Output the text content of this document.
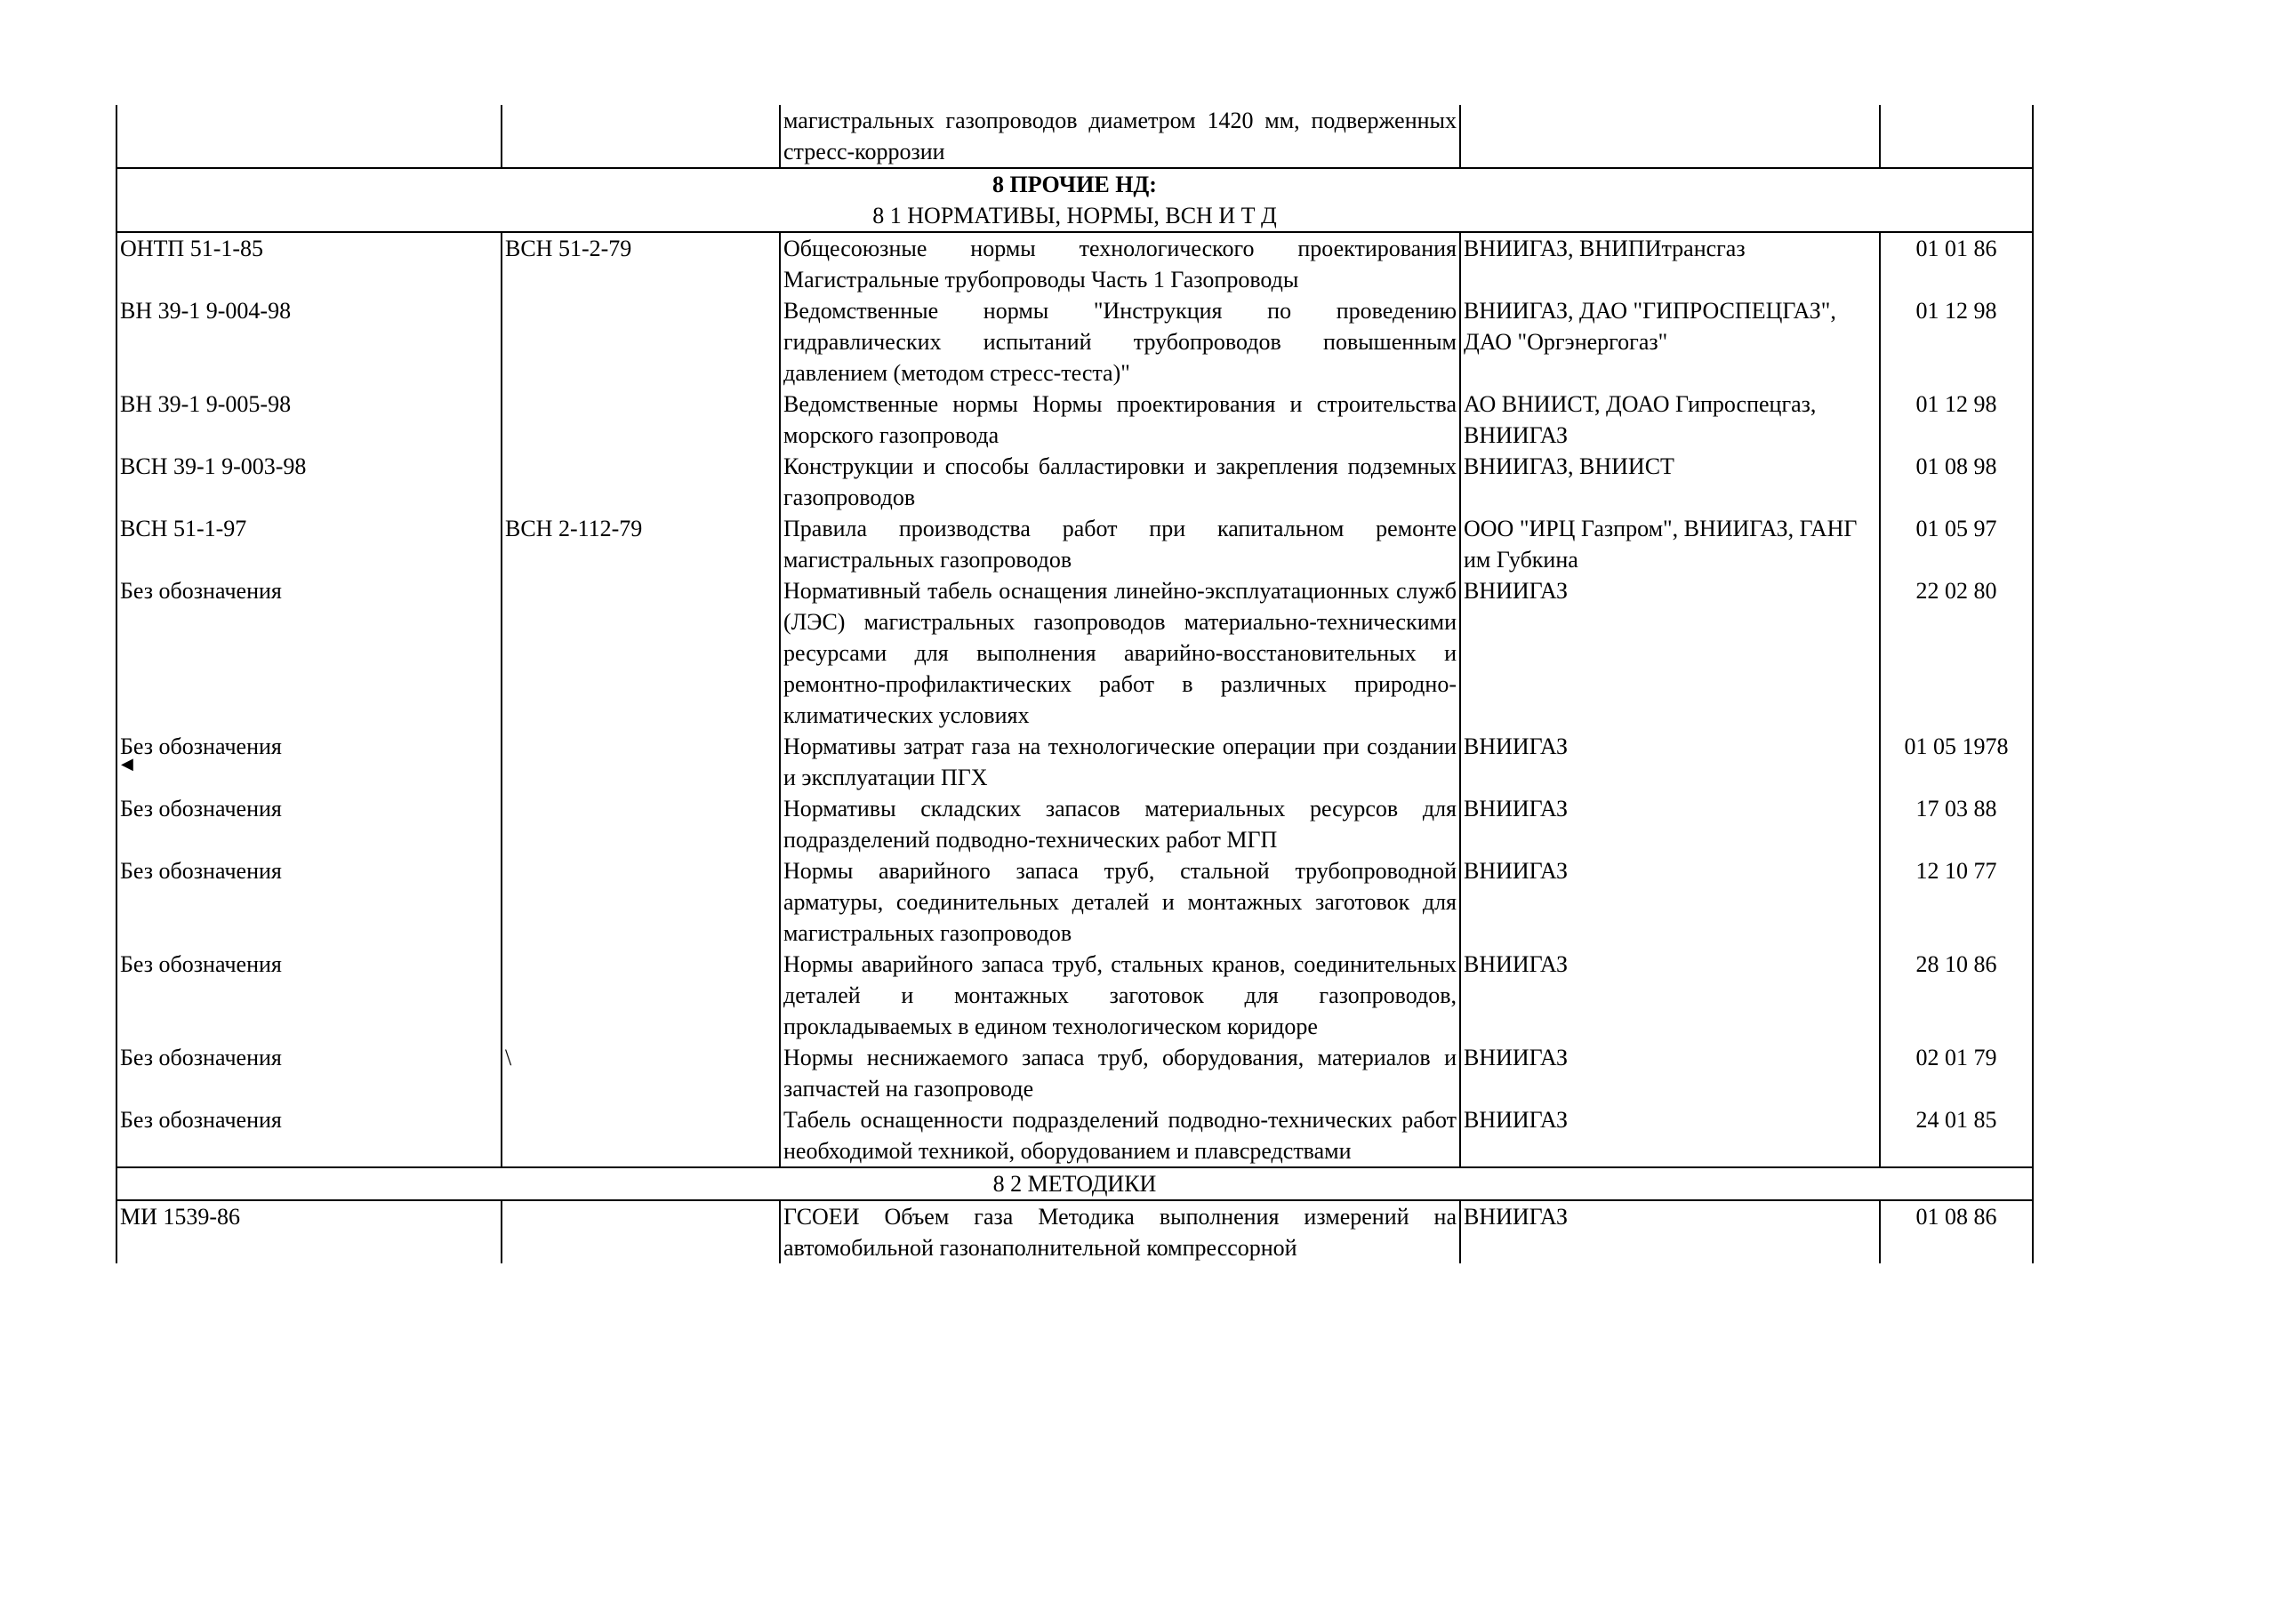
		магистральных газопроводов диаметром 1420 мм, подверженных стресс-коррозии		

8 ПРОЧИЕ НД:
8 1 НОРМАТИВЫ, НОРМЫ, ВСН И Т Д				

ОНТП 51-1-85	ВСН 51-2-79	Общесоюзные нормы технологического проектирования Магистральные трубопроводы Часть 1 Газопроводы	ВНИИГАЗ, ВНИПИтрансгаз	01 01 86
ВН 39-1 9-004-98		Ведомственные нормы "Инструкция по проведению гидравлических испытаний трубопроводов повышенным давлением (методом стресс-теста)"	ВНИИГАЗ, ДАО "ГИПРОСПЕЦГАЗ", ДАО "Оргэнергогаз"	01 12 98
ВН 39-1 9-005-98		Ведомственные нормы Нормы проектирования и строительства морского газопровода	АО ВНИИСТ, ДОАО Гипроспецгаз, ВНИИГАЗ	01 12 98
ВСН 39-1 9-003-98		Конструкции и способы балластировки и закрепления подземных газопроводов	ВНИИГАЗ, ВНИИСТ	01 08 98
ВСН 51-1-97	ВСН 2-112-79	Правила производства работ при капитальном ремонте магистральных газопроводов	ООО "ИРЦ Газпром", ВНИИГАЗ, ГАНГ им Губкина	01 05 97
Без обозначения		Нормативный табель оснащения линейно-эксплуатационных служб (ЛЭС) магистральных газопроводов материально-техническими ресурсами для выполнения аварийно-восстановительных и ремонтно-профилактических работ в различных природно-климатических условиях	ВНИИГАЗ	22 02 80
Без обозначения		Нормативы затрат газа на технологические операции при создании и эксплуатации ПГХ	ВНИИГАЗ	01 05 1978
Без обозначения		Нормативы складских запасов материальных ресурсов для подразделений подводно-технических работ МГП	ВНИИГАЗ	17 03 88
Без обозначения		Нормы аварийного запаса труб, стальной трубопроводной арматуры, соединительных деталей и монтажных заготовок для магистральных газопроводов	ВНИИГАЗ	12 10 77
Без обозначения		Нормы аварийного запаса труб, стальных кранов, соединительных деталей и монтажных заготовок для газопроводов, прокладываемых в едином технологическом коридоре	ВНИИГАЗ	28 10 86
Без обозначения	\	Нормы неснижаемого запаса труб, оборудования, материалов и запчастей на газопроводе	ВНИИГАЗ	02 01 79
Без обозначения		Табель оснащенности подразделений подводно-технических работ необходимой техникой, оборудованием и плавсредствами	ВНИИГАЗ	24 01 85

8 2 МЕТОДИКИ				

МИ 1539-86		ГСОЕИ Объем газа Методика выполнения измерений на автомобильной газонаполнительной компрессорной	ВНИИГАЗ	01 08 86
◀
